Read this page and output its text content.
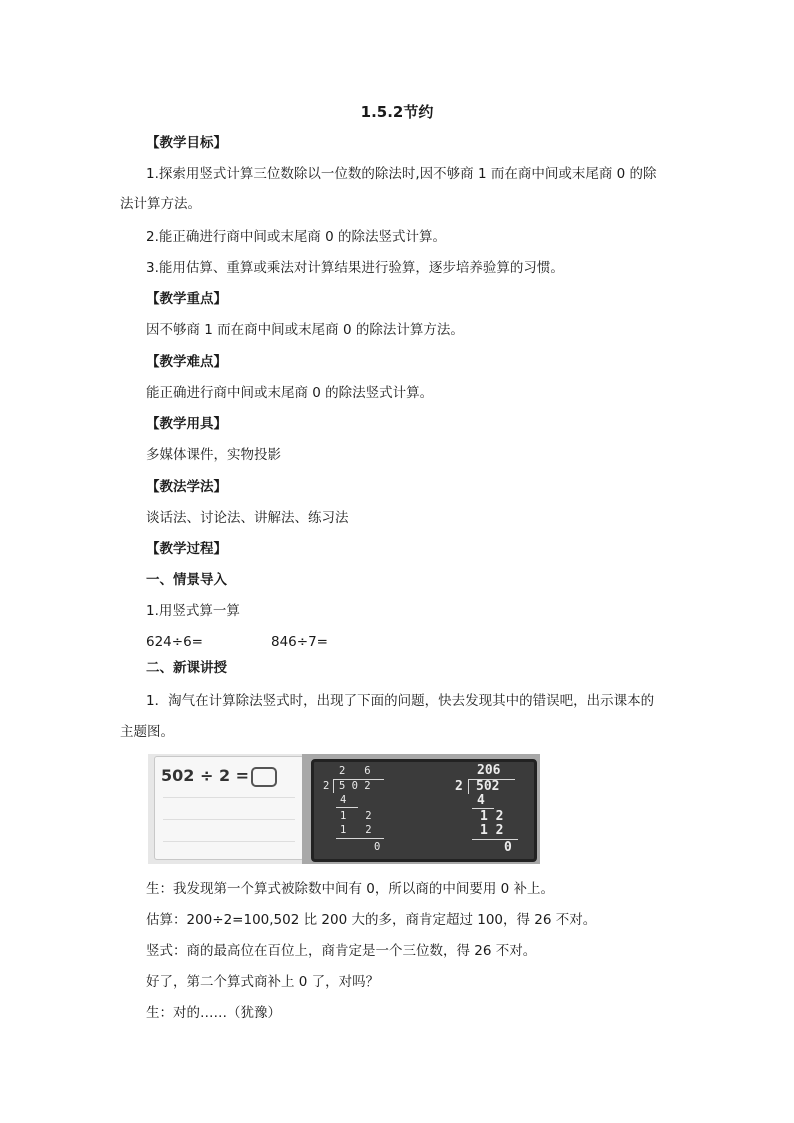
1.5.2节约

【教学目标】

1.探索用竖式计算三位数除以一位数的除法时,因不够商 1 而在商中间或末尾商 0 的除

法计算方法。

2.能正确进行商中间或末尾商 0 的除法竖式计算。

3.能用估算、重算或乘法对计算结果进行验算，逐步培养验算的习惯。

【教学重点】

因不够商 1 而在商中间或末尾商 0 的除法计算方法。

【教学难点】

能正确进行商中间或末尾商 0 的除法竖式计算。

【教学用具】

多媒体课件，实物投影

【教法学法】

谈话法、讨论法、讲解法、练习法

【教学过程】

一、情景导入

1.用竖式算一算

624÷6=	846÷7=

二、新课讲授

1．淘气在计算除法竖式时，出现了下面的问题，快去发现其中的错误吧，出示课本的

主题图。

502 ÷ 2 =	2   6
2 5 0 2
4
1   2
1   2
0
206
2 502
4
1 2
1 2
0

生：我发现第一个算式被除数中间有 0，所以商的中间要用 0 补上。

估算：200÷2=100,502 比 200 大的多，商肯定超过 100，得 26 不对。

竖式：商的最高位在百位上，商肯定是一个三位数，得 26 不对。

好了，第二个算式商补上 0 了，对吗？

生：对的……（犹豫）
